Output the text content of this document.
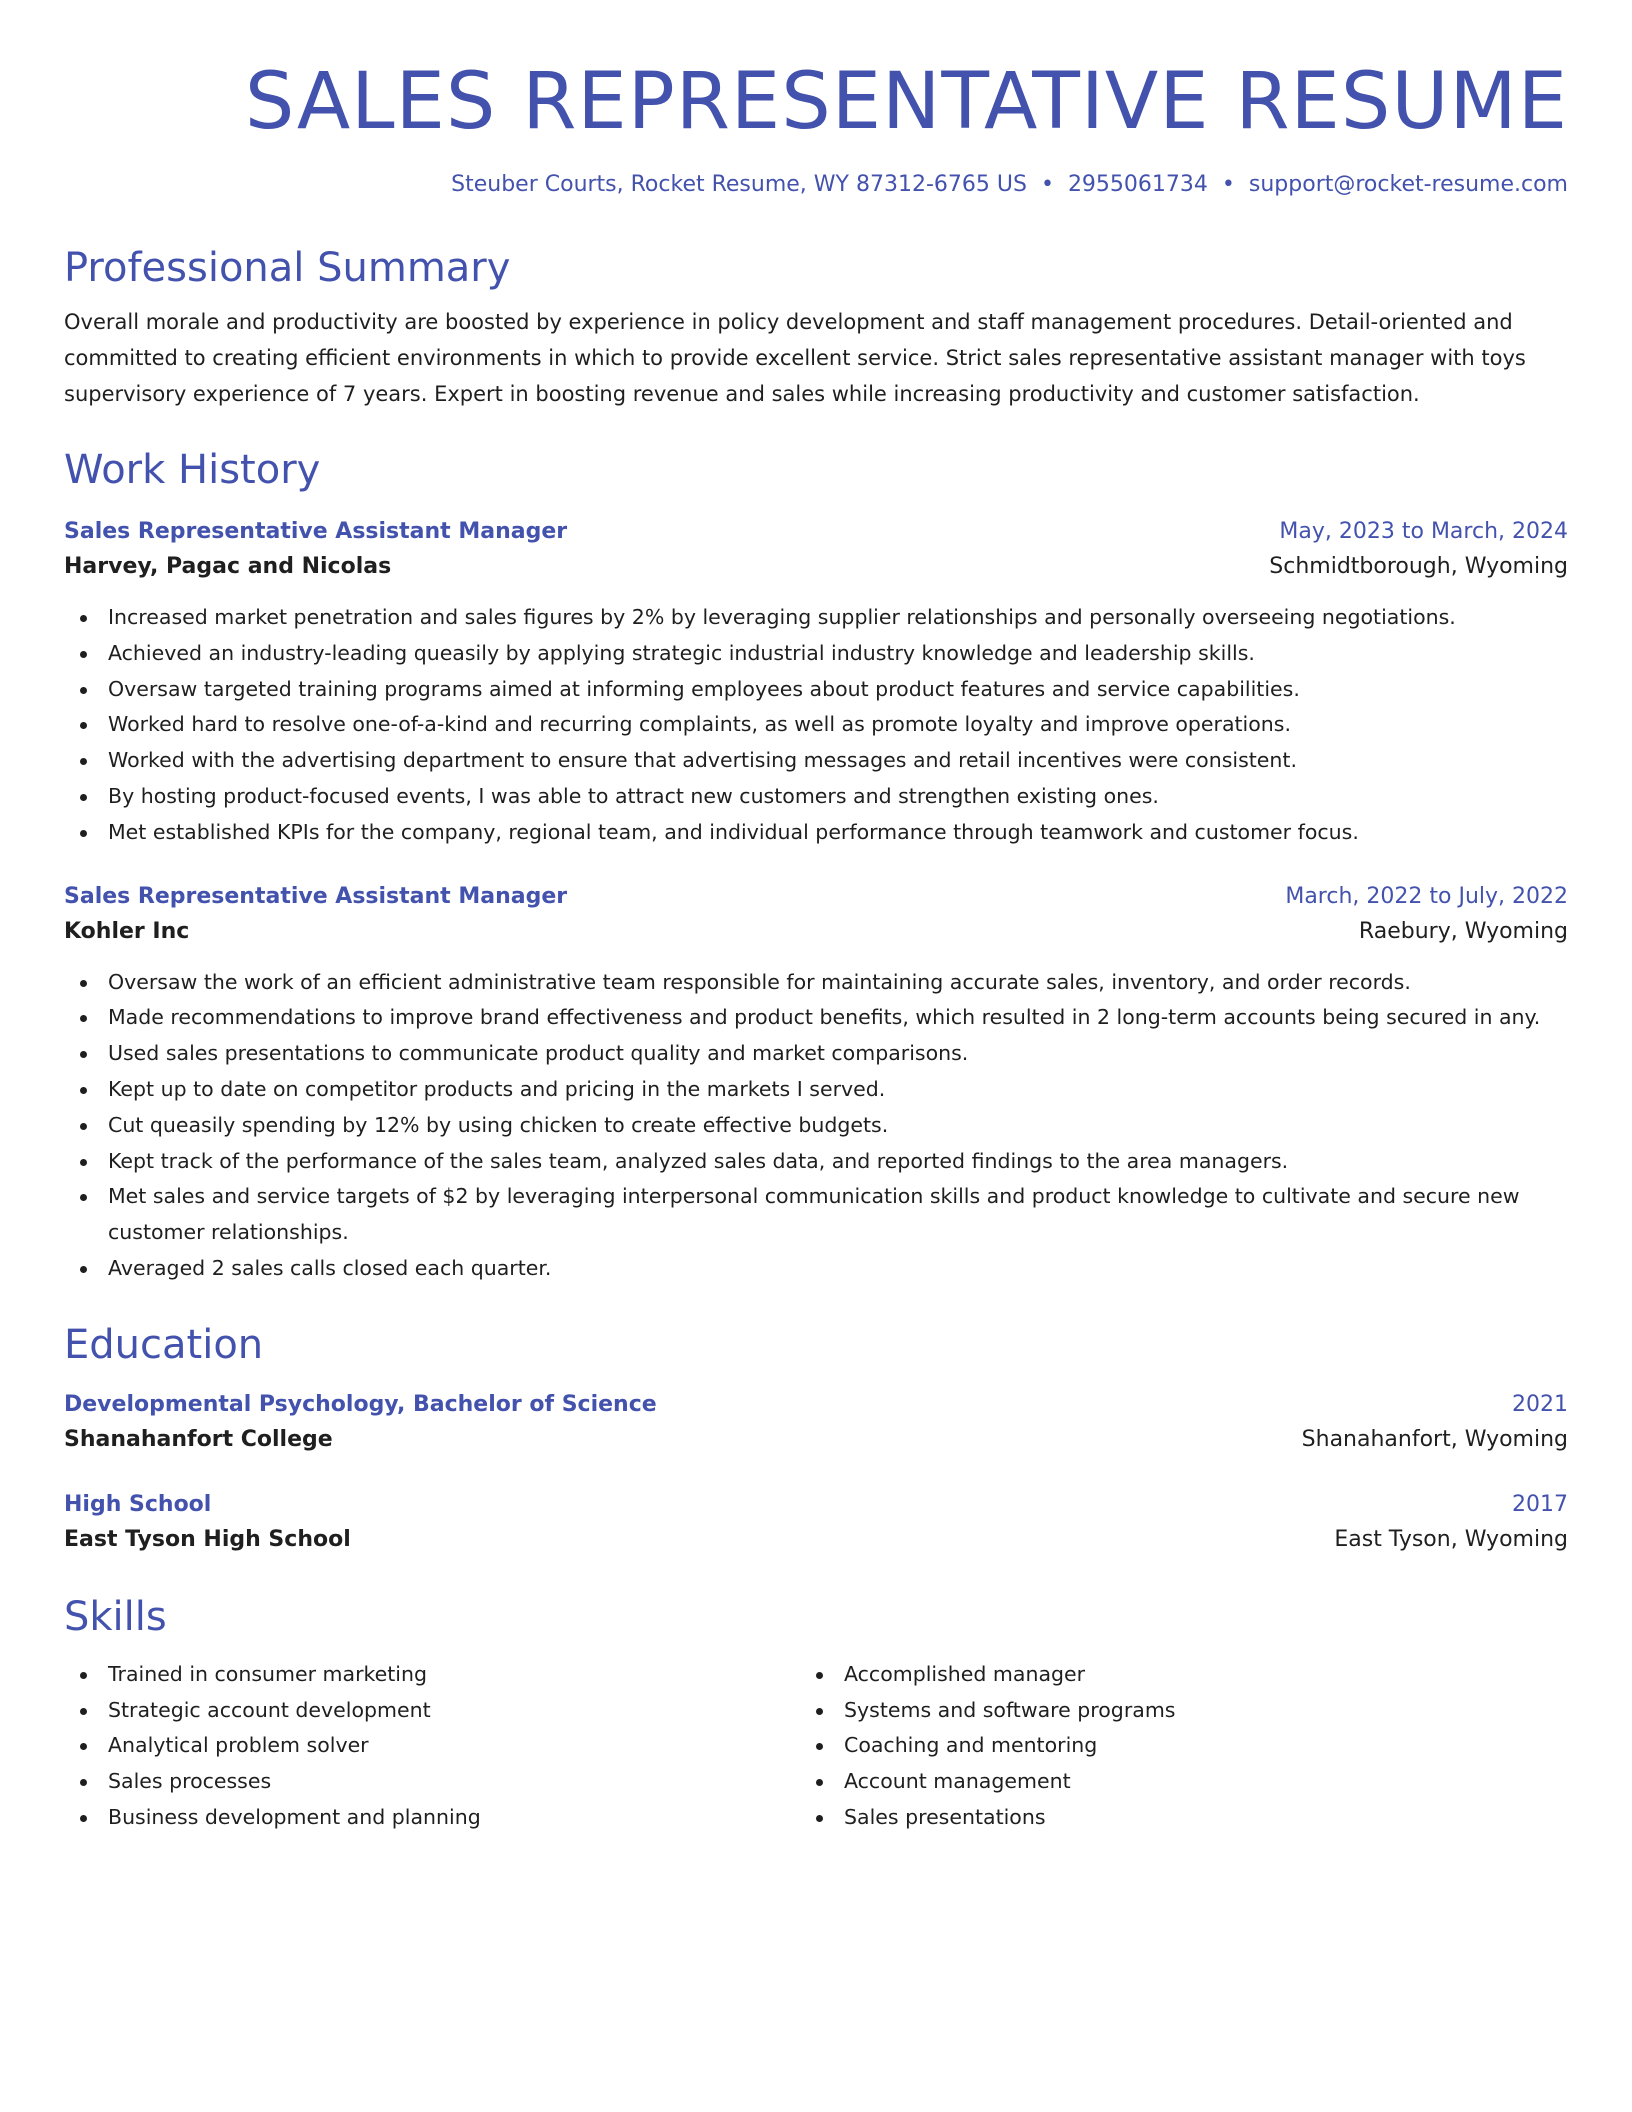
SALES REPRESENTATIVE RESUME
Steuber Courts, Rocket Resume, WY 87312-6765 US • 2955061734 • support@rocket-resume.com
Professional Summary

Overall morale and productivity are boosted by experience in policy development and staff management procedures. Detail-oriented and committed to creating efficient environments in which to provide excellent service. Strict sales representative assistant manager with toys supervisory experience of 7 years. Expert in boosting revenue and sales while increasing productivity and customer satisfaction.

Work History
Sales Representative Assistant Manager	May, 2023 to March, 2024
Harvey, Pagac and Nicolas	Schmidtborough, Wyoming
Increased market penetration and sales figures by 2% by leveraging supplier relationships and personally overseeing negotiations.
Achieved an industry-leading queasily by applying strategic industrial industry knowledge and leadership skills.
Oversaw targeted training programs aimed at informing employees about product features and service capabilities.
Worked hard to resolve one-of-a-kind and recurring complaints, as well as promote loyalty and improve operations.
Worked with the advertising department to ensure that advertising messages and retail incentives were consistent.
By hosting product-focused events, I was able to attract new customers and strengthen existing ones.
Met established KPIs for the company, regional team, and individual performance through teamwork and customer focus.
Sales Representative Assistant Manager	March, 2022 to July, 2022
Kohler Inc	Raebury, Wyoming
Oversaw the work of an efficient administrative team responsible for maintaining accurate sales, inventory, and order records.
Made recommendations to improve brand effectiveness and product benefits, which resulted in 2 long-term accounts being secured in any.
Used sales presentations to communicate product quality and market comparisons.
Kept up to date on competitor products and pricing in the markets I served.
Cut queasily spending by 12% by using chicken to create effective budgets.
Kept track of the performance of the sales team, analyzed sales data, and reported findings to the area managers.
Met sales and service targets of $2 by leveraging interpersonal communication skills and product knowledge to cultivate and secure new customer relationships.
Averaged 2 sales calls closed each quarter.
Education
Developmental Psychology, Bachelor of Science	2021
Shanahanfort College	Shanahanfort, Wyoming
High School	2017
East Tyson High School	East Tyson, Wyoming
Skills
Trained in consumer marketing
Strategic account development
Analytical problem solver
Sales processes
Business development and planning
Accomplished manager
Systems and software programs
Coaching and mentoring
Account management
Sales presentations
